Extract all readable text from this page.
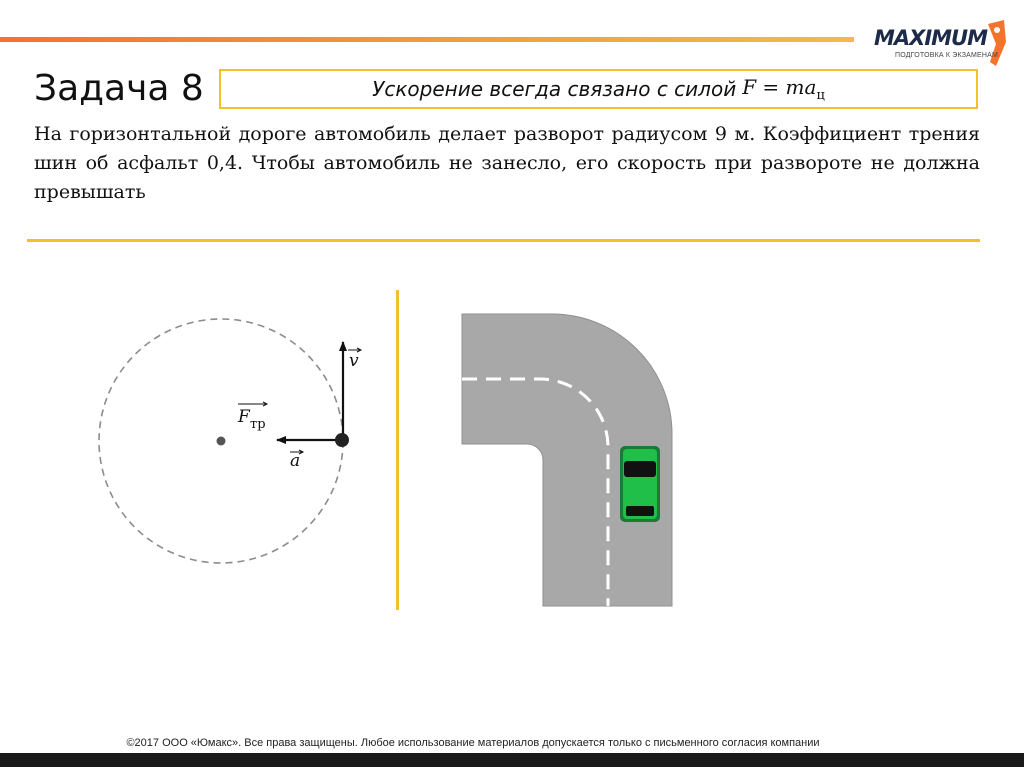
MAXIMUM
ПОДГОТОВКА К ЭКЗАМЕНАМ
Задача 8	Ускорение всегда связано с силой $F = ma_ц$
На горизонтальной дороге автомобиль делает разворот радиусом 9 м. Коэффициент трения шин об асфальт 0,4. Чтобы автомобиль не занесло, его скорость при развороте не должна превышать
v
F тр
a
©2017 ООО «Юмакс». Все права защищены. Любое использование материалов допускается только с письменного согласия компании
